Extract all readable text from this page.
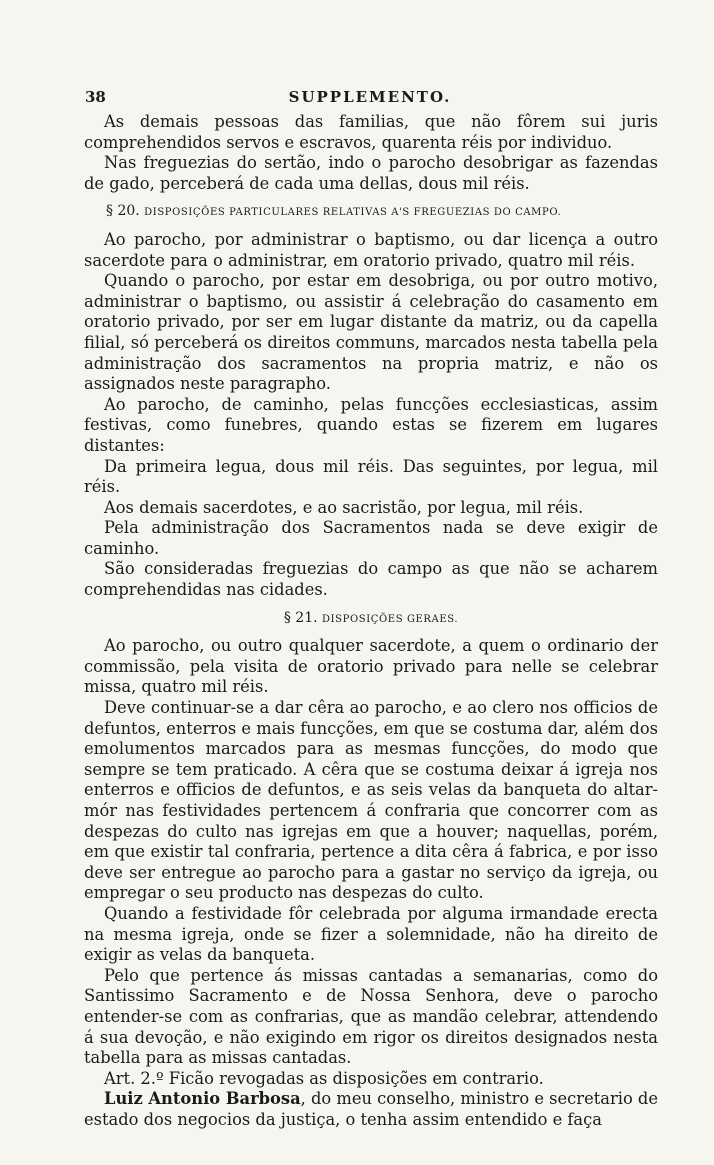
38	SUPPLEMENTO.

As demais pessoas das familias, que não fôrem sui juris comprehendidos servos e escravos, quarenta réis por individuo.

Nas freguezias do sertão, indo o parocho desobrigar as fazendas de gado, perceberá de cada uma dellas, dous mil réis.

§ 20. DISPOSIÇÕES PARTICULARES RELATIVAS A'S FREGUEZIAS DO CAMPO.

Ao parocho, por administrar o baptismo, ou dar licença a outro sacerdote para o administrar, em oratorio privado, quatro mil réis.

Quando o parocho, por estar em desobriga, ou por outro motivo, administrar o baptismo, ou assistir á celebração do casamento em oratorio privado, por ser em lugar distante da matriz, ou da capella filial, só perceberá os direitos communs, marcados nesta tabella pela administração dos sacramentos na propria matriz, e não os assignados neste paragrapho.

Ao parocho, de caminho, pelas funcções ecclesiasticas, assim festivas, como funebres, quando estas se fizerem em lugares distantes:

Da primeira legua, dous mil réis. Das seguintes, por legua, mil réis.

Aos demais sacerdotes, e ao sacristão, por legua, mil réis.

Pela administração dos Sacramentos nada se deve exigir de caminho.

São consideradas freguezias do campo as que não se acharem comprehendidas nas cidades.

§ 21. DISPOSIÇÕES GERAES.

Ao parocho, ou outro qualquer sacerdote, a quem o ordinario der commissão, pela visita de oratorio privado para nelle se celebrar missa, quatro mil réis.

Deve continuar-se a dar cêra ao parocho, e ao clero nos officios de defuntos, enterros e mais funcções, em que se costuma dar, além dos emolumentos marcados para as mesmas funcções, do modo que sempre se tem praticado. A cêra que se costuma deixar á igreja nos enterros e officios de defuntos, e as seis velas da banqueta do altar-mór nas festividades pertencem á confraria que concorrer com as despezas do culto nas igrejas em que a houver; naquellas, porém, em que existir tal confraria, pertence a dita cêra á fabrica, e por isso deve ser entregue ao parocho para a gastar no serviço da igreja, ou empregar o seu producto nas despezas do culto.

Quando a festividade fôr celebrada por alguma irmandade erecta na mesma igreja, onde se fizer a solemnidade, não ha direito de exigir as velas da banqueta.

Pelo que pertence ás missas cantadas a semanarias, como do Santissimo Sacramento e de Nossa Senhora, deve o parocho entender-se com as confrarias, que as mandão celebrar, attendendo á sua devoção, e não exigindo em rigor os direitos designados nesta tabella para as missas cantadas.

Art. 2.º Ficão revogadas as disposições em contrario.

Luiz Antonio Barbosa, do meu conselho, ministro e secretario de estado dos negocios da justiça, o tenha assim entendido e faça
